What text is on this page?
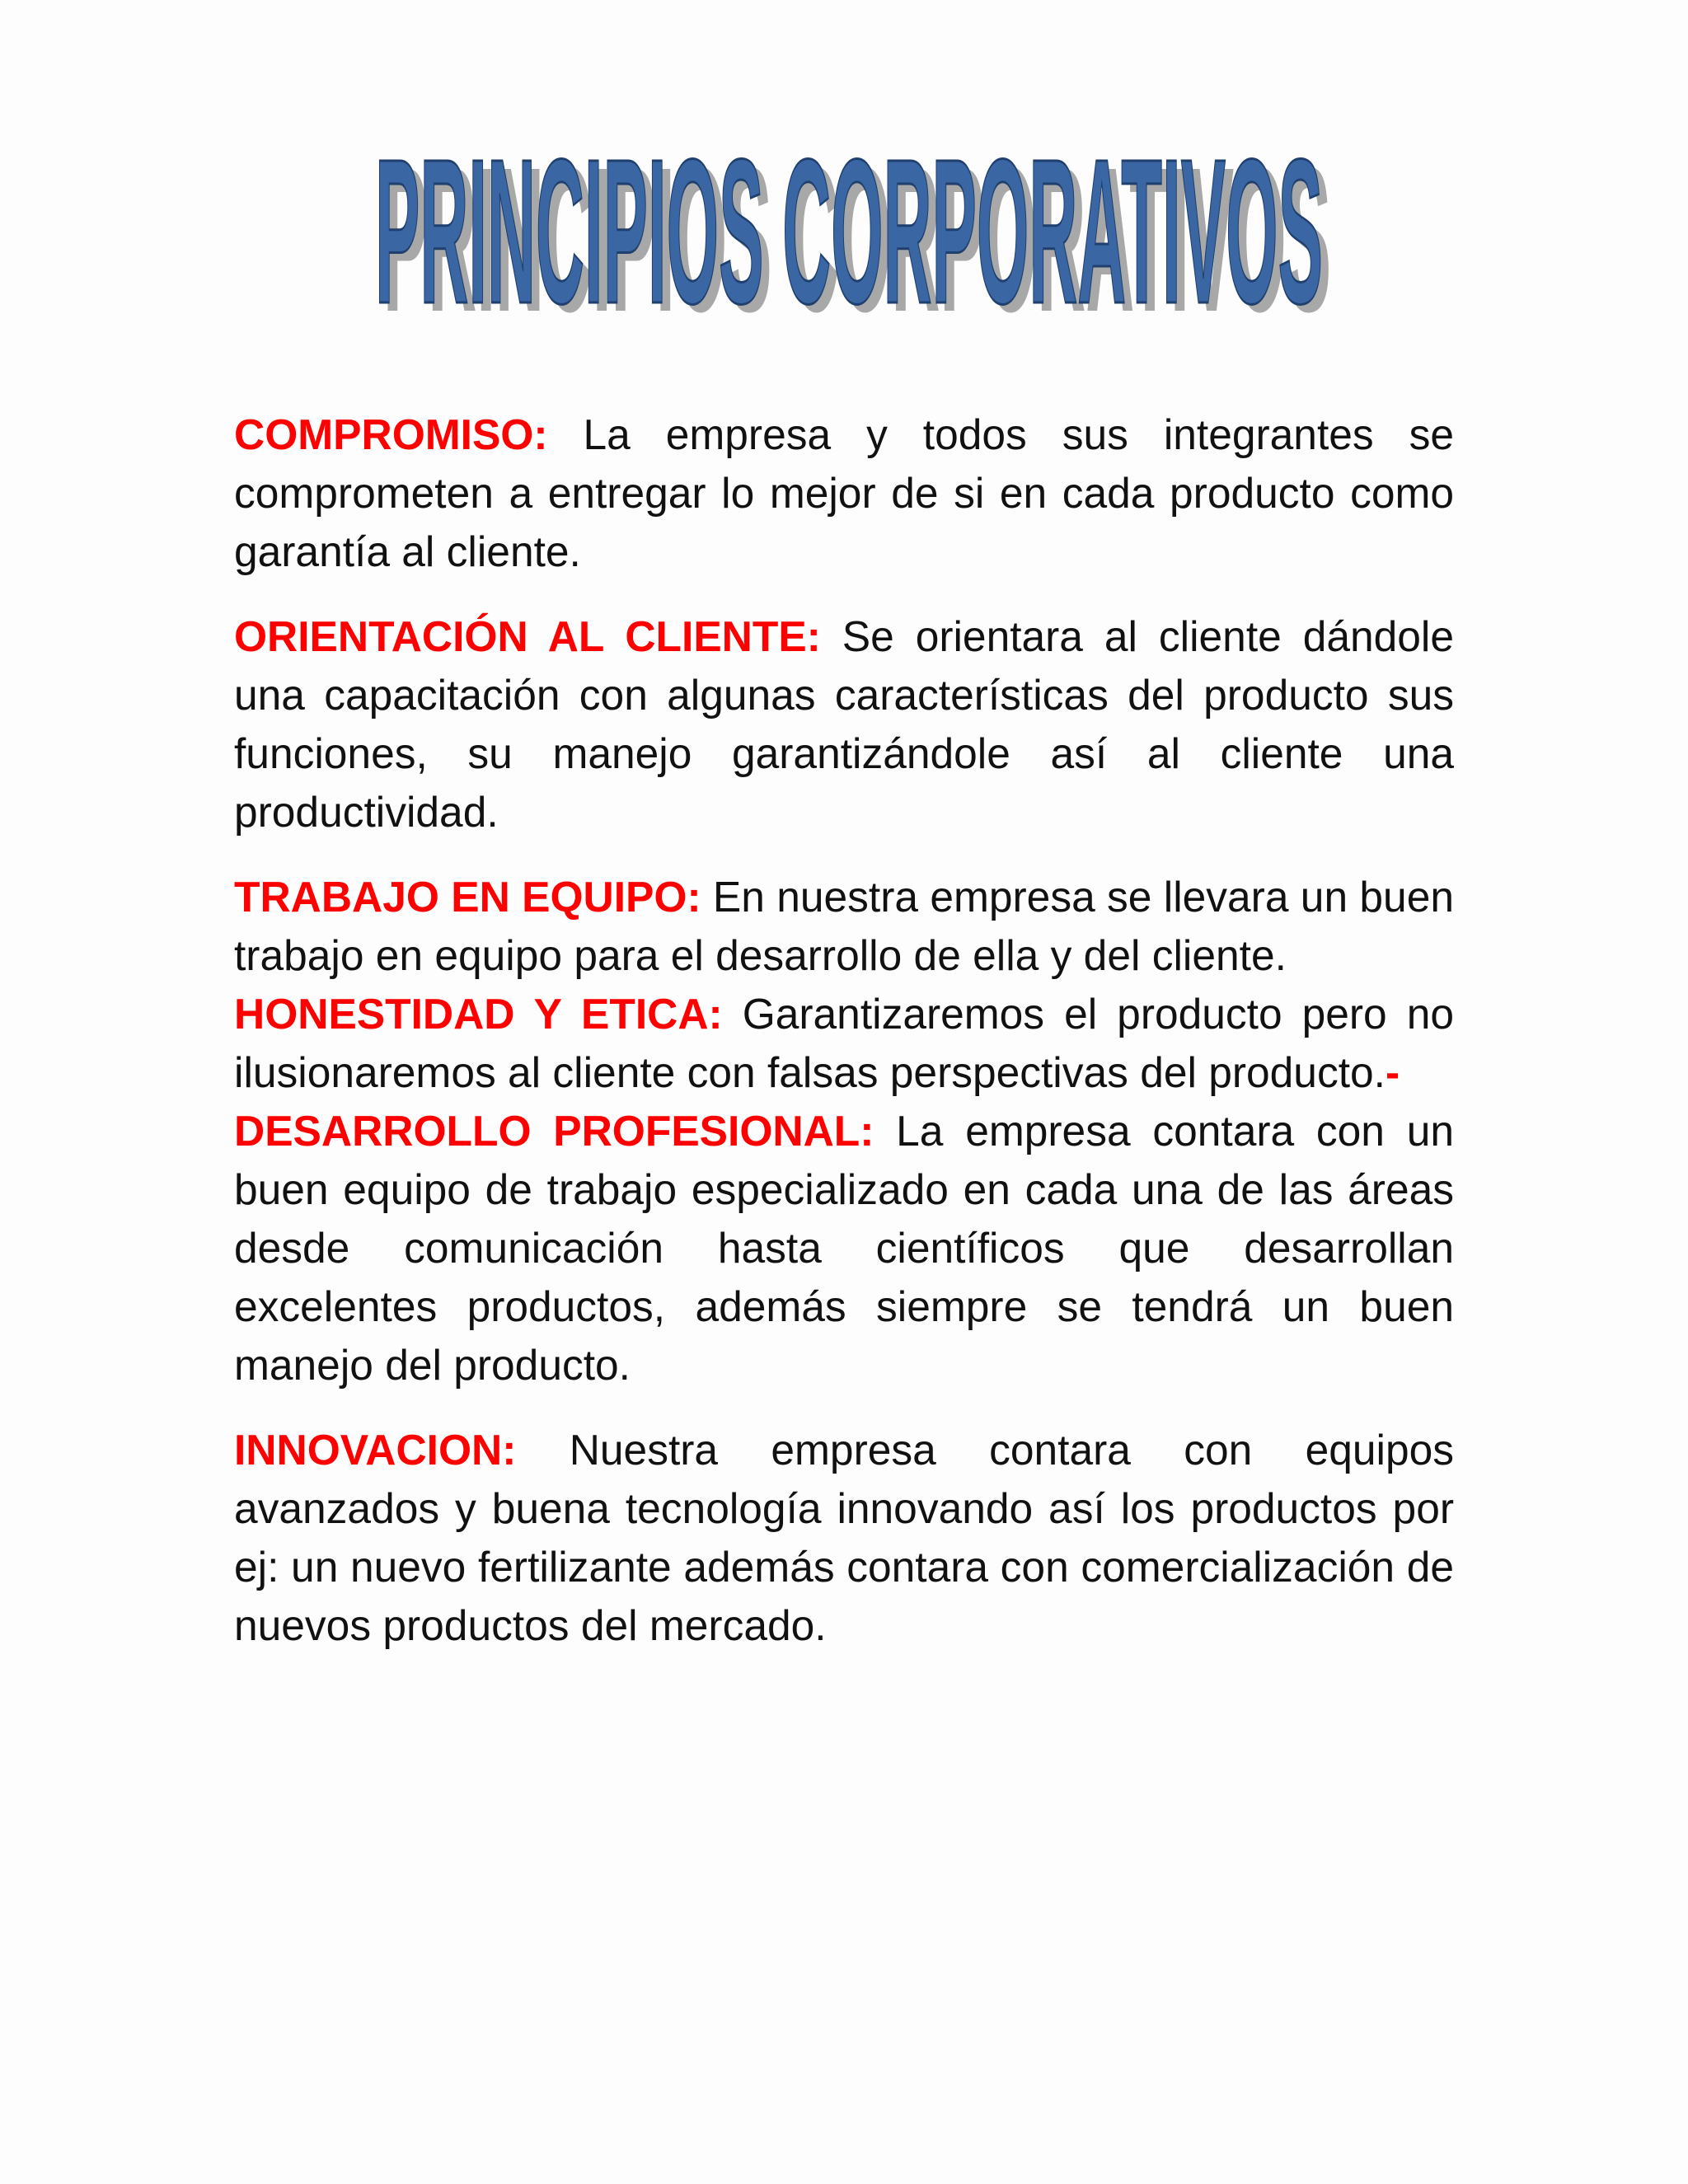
PRINCIPIOS CORPORATIVOS
PRINCIPIOS CORPORATIVOS

COMPROMISO: La empresa y todos sus integrantes se comprometen a entregar lo mejor de si en cada producto como garantía al cliente.

ORIENTACIÓN AL CLIENTE: Se orientara al cliente dándole una capacitación con algunas características del producto sus funciones, su manejo garantizándole así al cliente una productividad.

TRABAJO EN EQUIPO: En nuestra empresa se llevara un buen trabajo en equipo para el desarrollo de ella y del cliente.

HONESTIDAD Y ETICA: Garantizaremos el producto pero no ilusionaremos al cliente con falsas perspectivas del producto.-

DESARROLLO PROFESIONAL: La empresa contara con un buen equipo de trabajo especializado en cada una de las áreas desde comunicación hasta científicos que desarrollan excelentes productos, además siempre se tendrá un buen manejo del producto.

INNOVACION: Nuestra empresa contara con equipos avanzados y buena tecnología innovando así los productos por ej: un nuevo fertilizante además contara con comercialización de nuevos productos del mercado.
